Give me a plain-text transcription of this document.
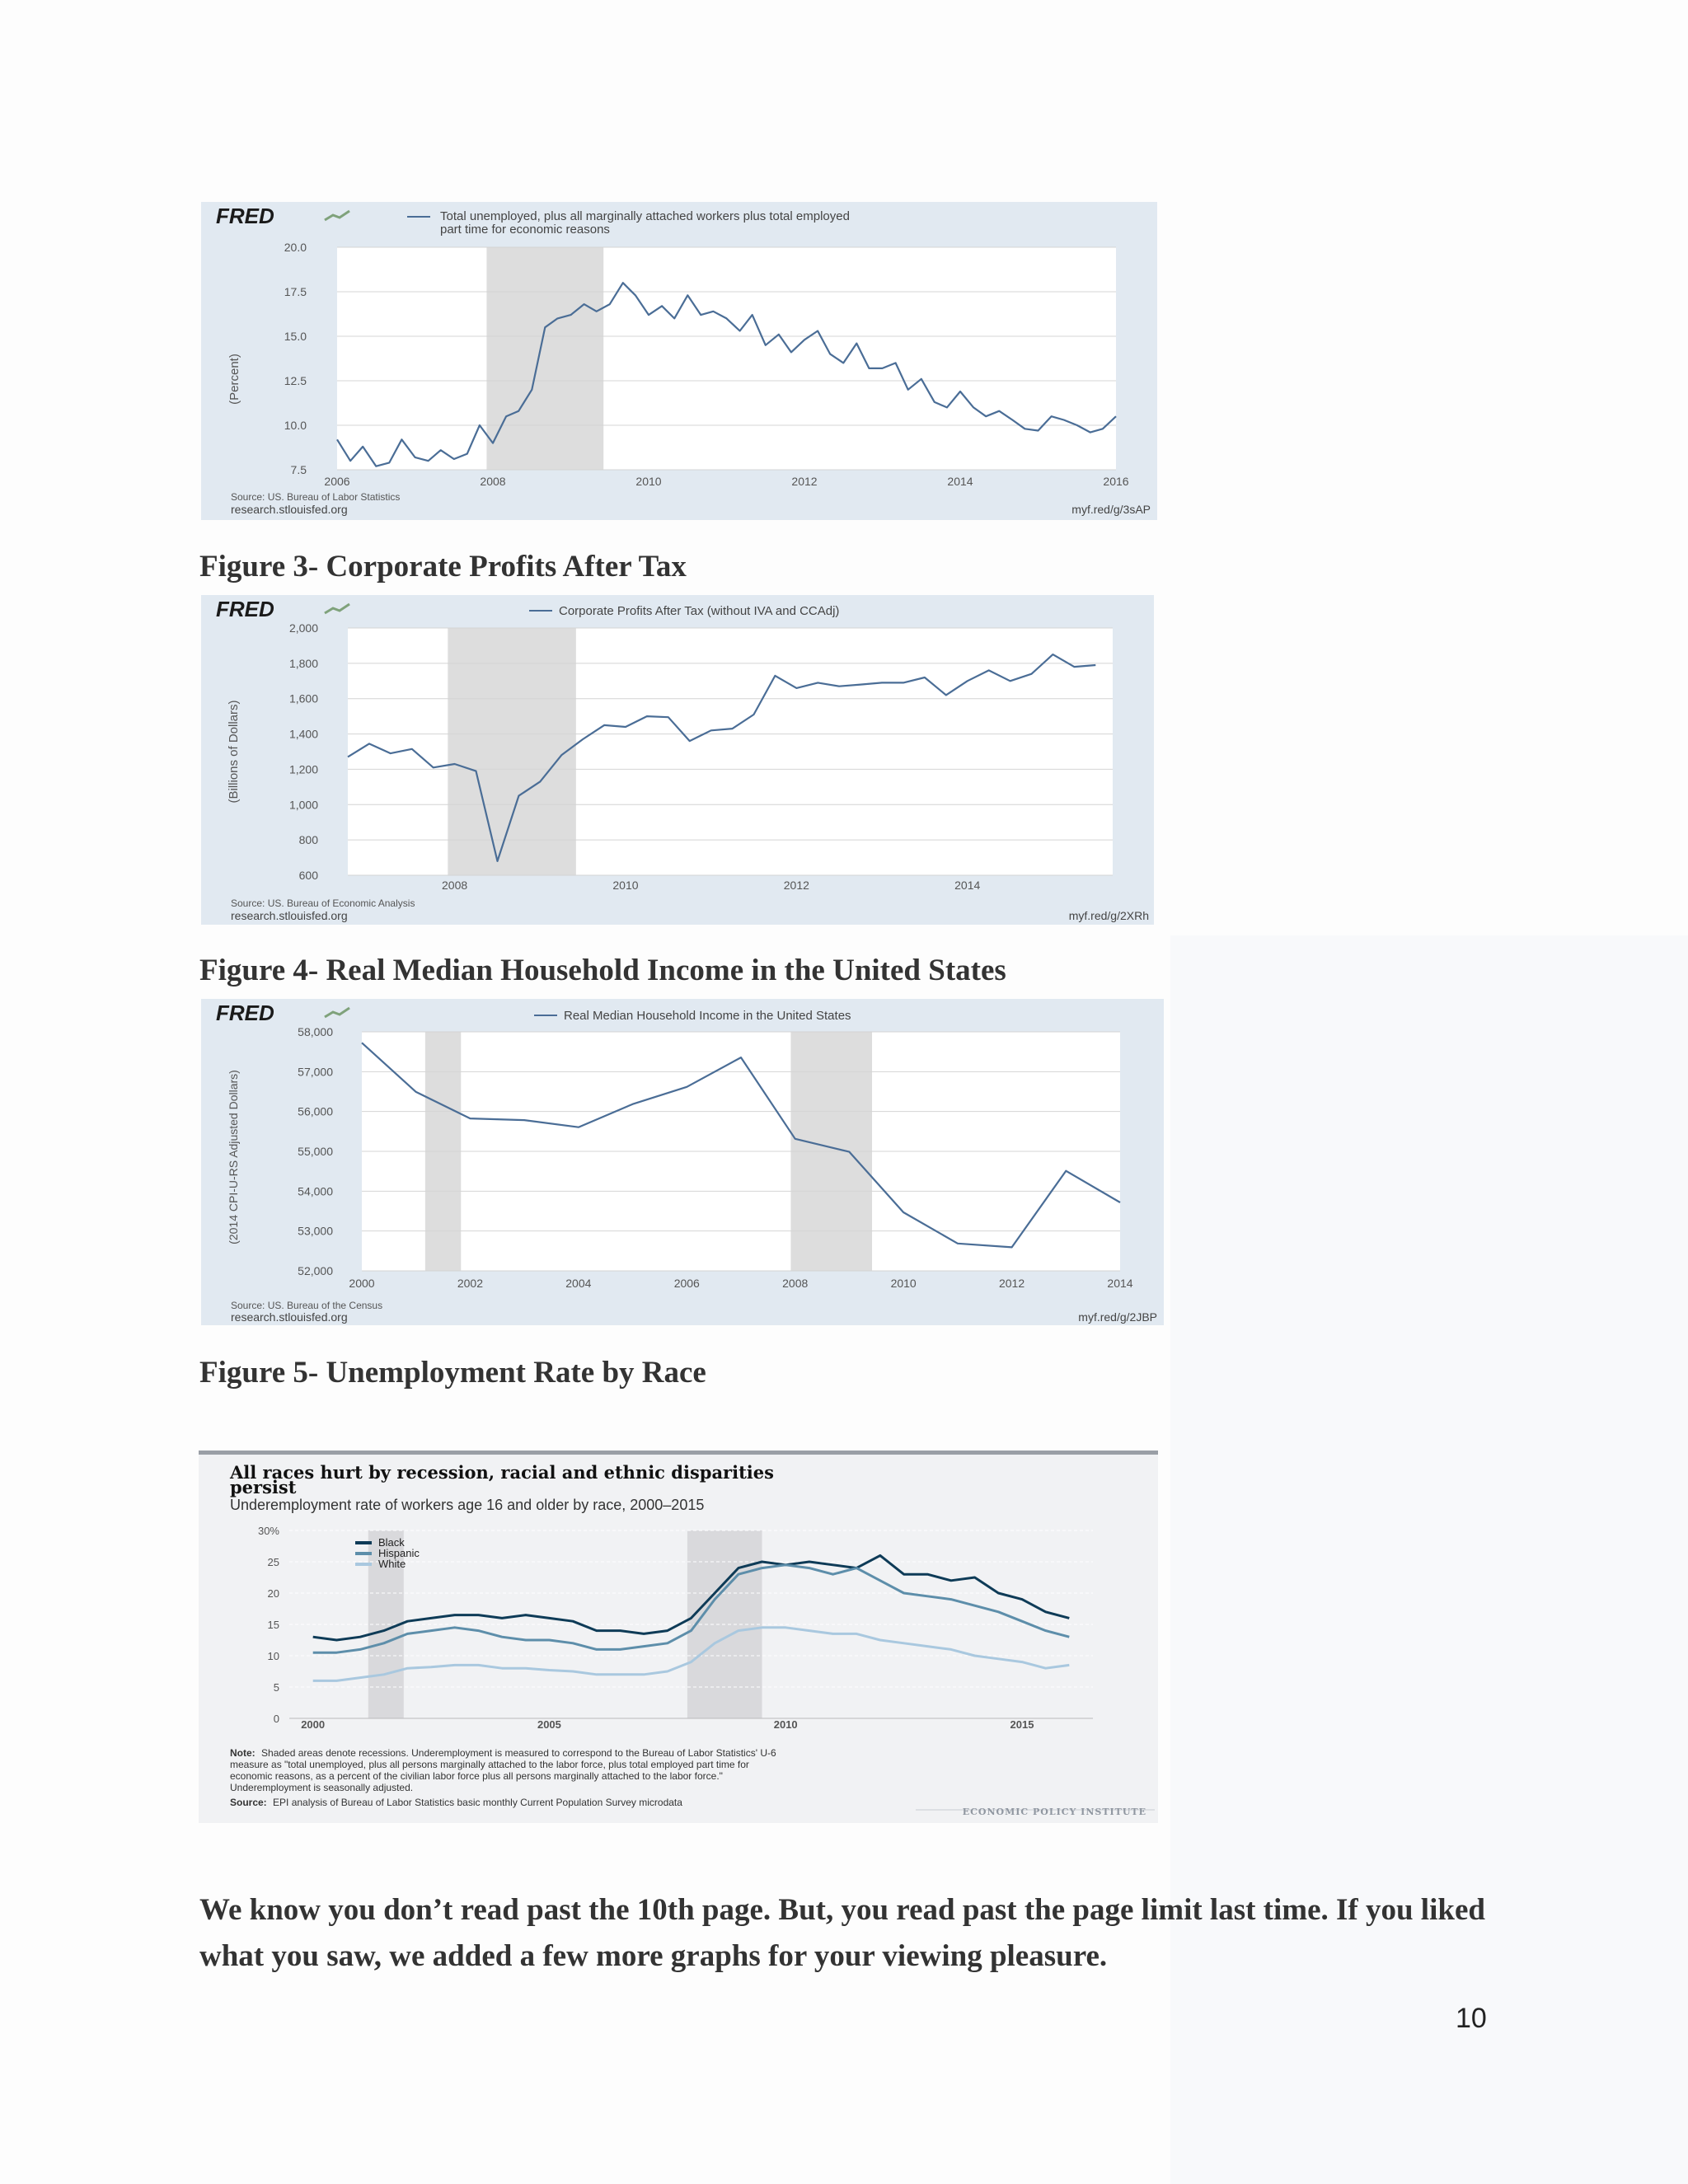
FRED	Total unemployed, plus all marginally attached workers plus total employed
part time for economic reasons
(Percent)
7.5
10.0
12.5
15.0
17.5
20.0
2006	2008	2010	2012	2014	2016
Source: US. Bureau of Labor Statistics
research.stlouisfed.org	myf.red/g/3sAP

Figure 3- Corporate Profits After Tax

FRED	Corporate Profits After Tax (without IVA and CCAdj)
(Billions of Dollars)
600
800
1,000
1,200
1,400
1,600
1,800
2,000
2008	2010	2012	2014
Source: US. Bureau of Economic Analysis
research.stlouisfed.org	myf.red/g/2XRh

Figure 4- Real Median Household Income in the United States

FRED	Real Median Household Income in the United States
(2014 CPI-U-RS Adjusted Dollars)
52,000
53,000
54,000
55,000
56,000
57,000
58,000
2000	2002	2004	2006	2008	2010	2012	2014
Source: US. Bureau of the Census
research.stlouisfed.org	myf.red/g/2JBP

Figure 5- Unemployment Rate by Race

All races hurt by recession, racial and ethnic disparities
persist
Underemployment rate of workers age 16 and older by race, 2000–2015
0
5
10
15
20
25
30%
2000	2005	2010	2015
Black
Hispanic
White
Note: Shaded areas denote recessions. Underemployment is measured to correspond to the Bureau of Labor Statistics' U-6
measure as "total unemployed, plus all persons marginally attached to the labor force, plus total employed part time for
economic reasons, as a percent of the civilian labor force plus all persons marginally attached to the labor force."
Underemployment is seasonally adjusted.
Source: EPI analysis of Bureau of Labor Statistics basic monthly Current Population Survey microdata
ECONOMIC POLICY INSTITUTE

We know you don’t read past the 10th page. But, you read past the page limit last time. If you liked what you saw, we added a few more graphs for your viewing pleasure.

10
